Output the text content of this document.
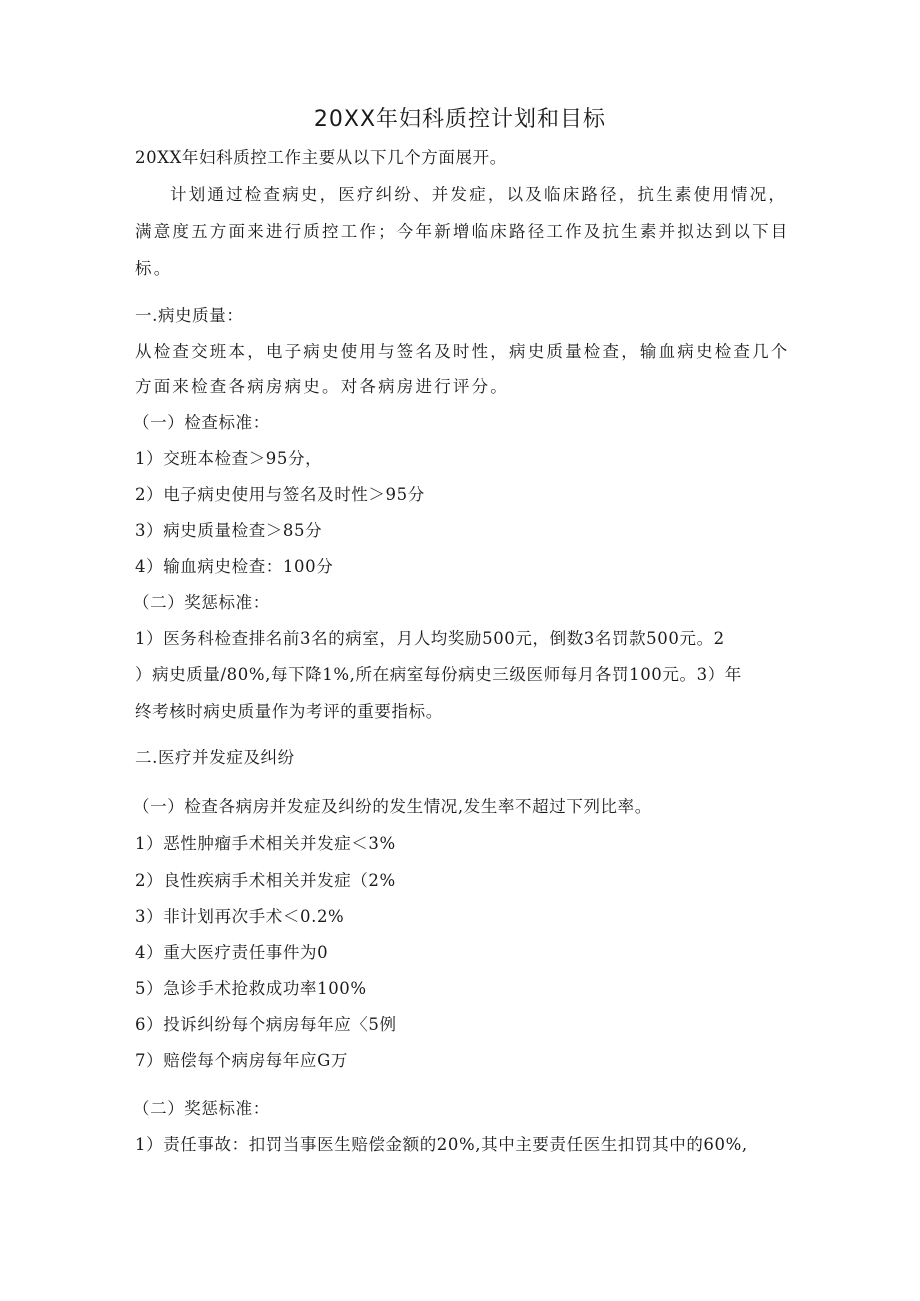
20XX年妇科质控计划和目标
20XX年妇科质控工作主要从以下几个方面展开。
计划通过检查病史，医疗纠纷、并发症，以及临床路径，抗生素使用情况，
满意度五方面来进行质控工作；今年新增临床路径工作及抗生素并拟达到以下目
标。
一.病史质量：
从检查交班本，电子病史使用与签名及时性，病史质量检查，输血病史检查几个
方面来检查各病房病史。对各病房进行评分。
（一）检查标准：
1）交班本检查＞95分，
2）电子病史使用与签名及时性＞95分
3）病史质量检查＞85分
4）输血病史检查：100分
（二）奖惩标准：
1）医务科检查排名前3名的病室，月人均奖励500元，倒数3名罚款500元。2
）病史质量/80%,每下降1%,所在病室每份病史三级医师每月各罚100元。3）年
终考核时病史质量作为考评的重要指标。
二.医疗并发症及纠纷
（一）检查各病房并发症及纠纷的发生情况,发生率不超过下列比率。
1）恶性肿瘤手术相关并发症＜3%
2）良性疾病手术相关并发症（2%
3）非计划再次手术＜0.2%
4）重大医疗责任事件为0
5）急诊手术抢救成功率100%
6）投诉纠纷每个病房每年应〈5例
7）赔偿每个病房每年应G万
（二）奖惩标准：
1）责任事故：扣罚当事医生赔偿金额的20%,其中主要责任医生扣罚其中的60%,
